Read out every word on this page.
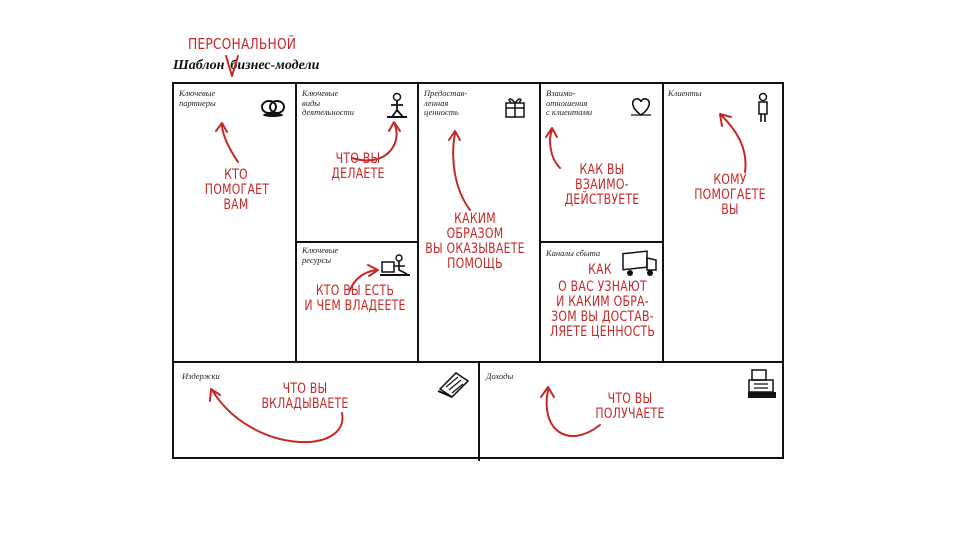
Шаблон бизнес-модели
ПЕРСОНАЛЬНОЙ
Ключевые
партнеры
Ключевые
виды
деятельности
Предостав-
ленная
ценность
Взаимо-
отношения
с клиентами
Клиенты
Ключевые
ресурсы
Каналы сбыта
Издержки	Доходы
КТО
ПОМОГАЕТ
ВАМ
ЧТО ВЫ
ДЕЛАЕТЕ
КАКИМ ОБРАЗОМ
ВЫ ОКАЗЫВАЕТЕ
ПОМОЩЬ
КАК ВЫ
ВЗАИМО-
ДЕЙСТВУЕТЕ
КОМУ
ПОМОГАЕТЕ
ВЫ
КТО ВЫ ЕСТЬ
И ЧЕМ ВЛАДЕЕТЕ
КАК
О ВАС УЗНАЮТ
И КАКИМ ОБРА-
ЗОМ ВЫ ДОСТАВ-
ЛЯЕТЕ ЦЕННОСТЬ
ЧТО ВЫ
ВКЛАДЫВАЕТЕ	ЧТО ВЫ
ПОЛУЧАЕТЕ
